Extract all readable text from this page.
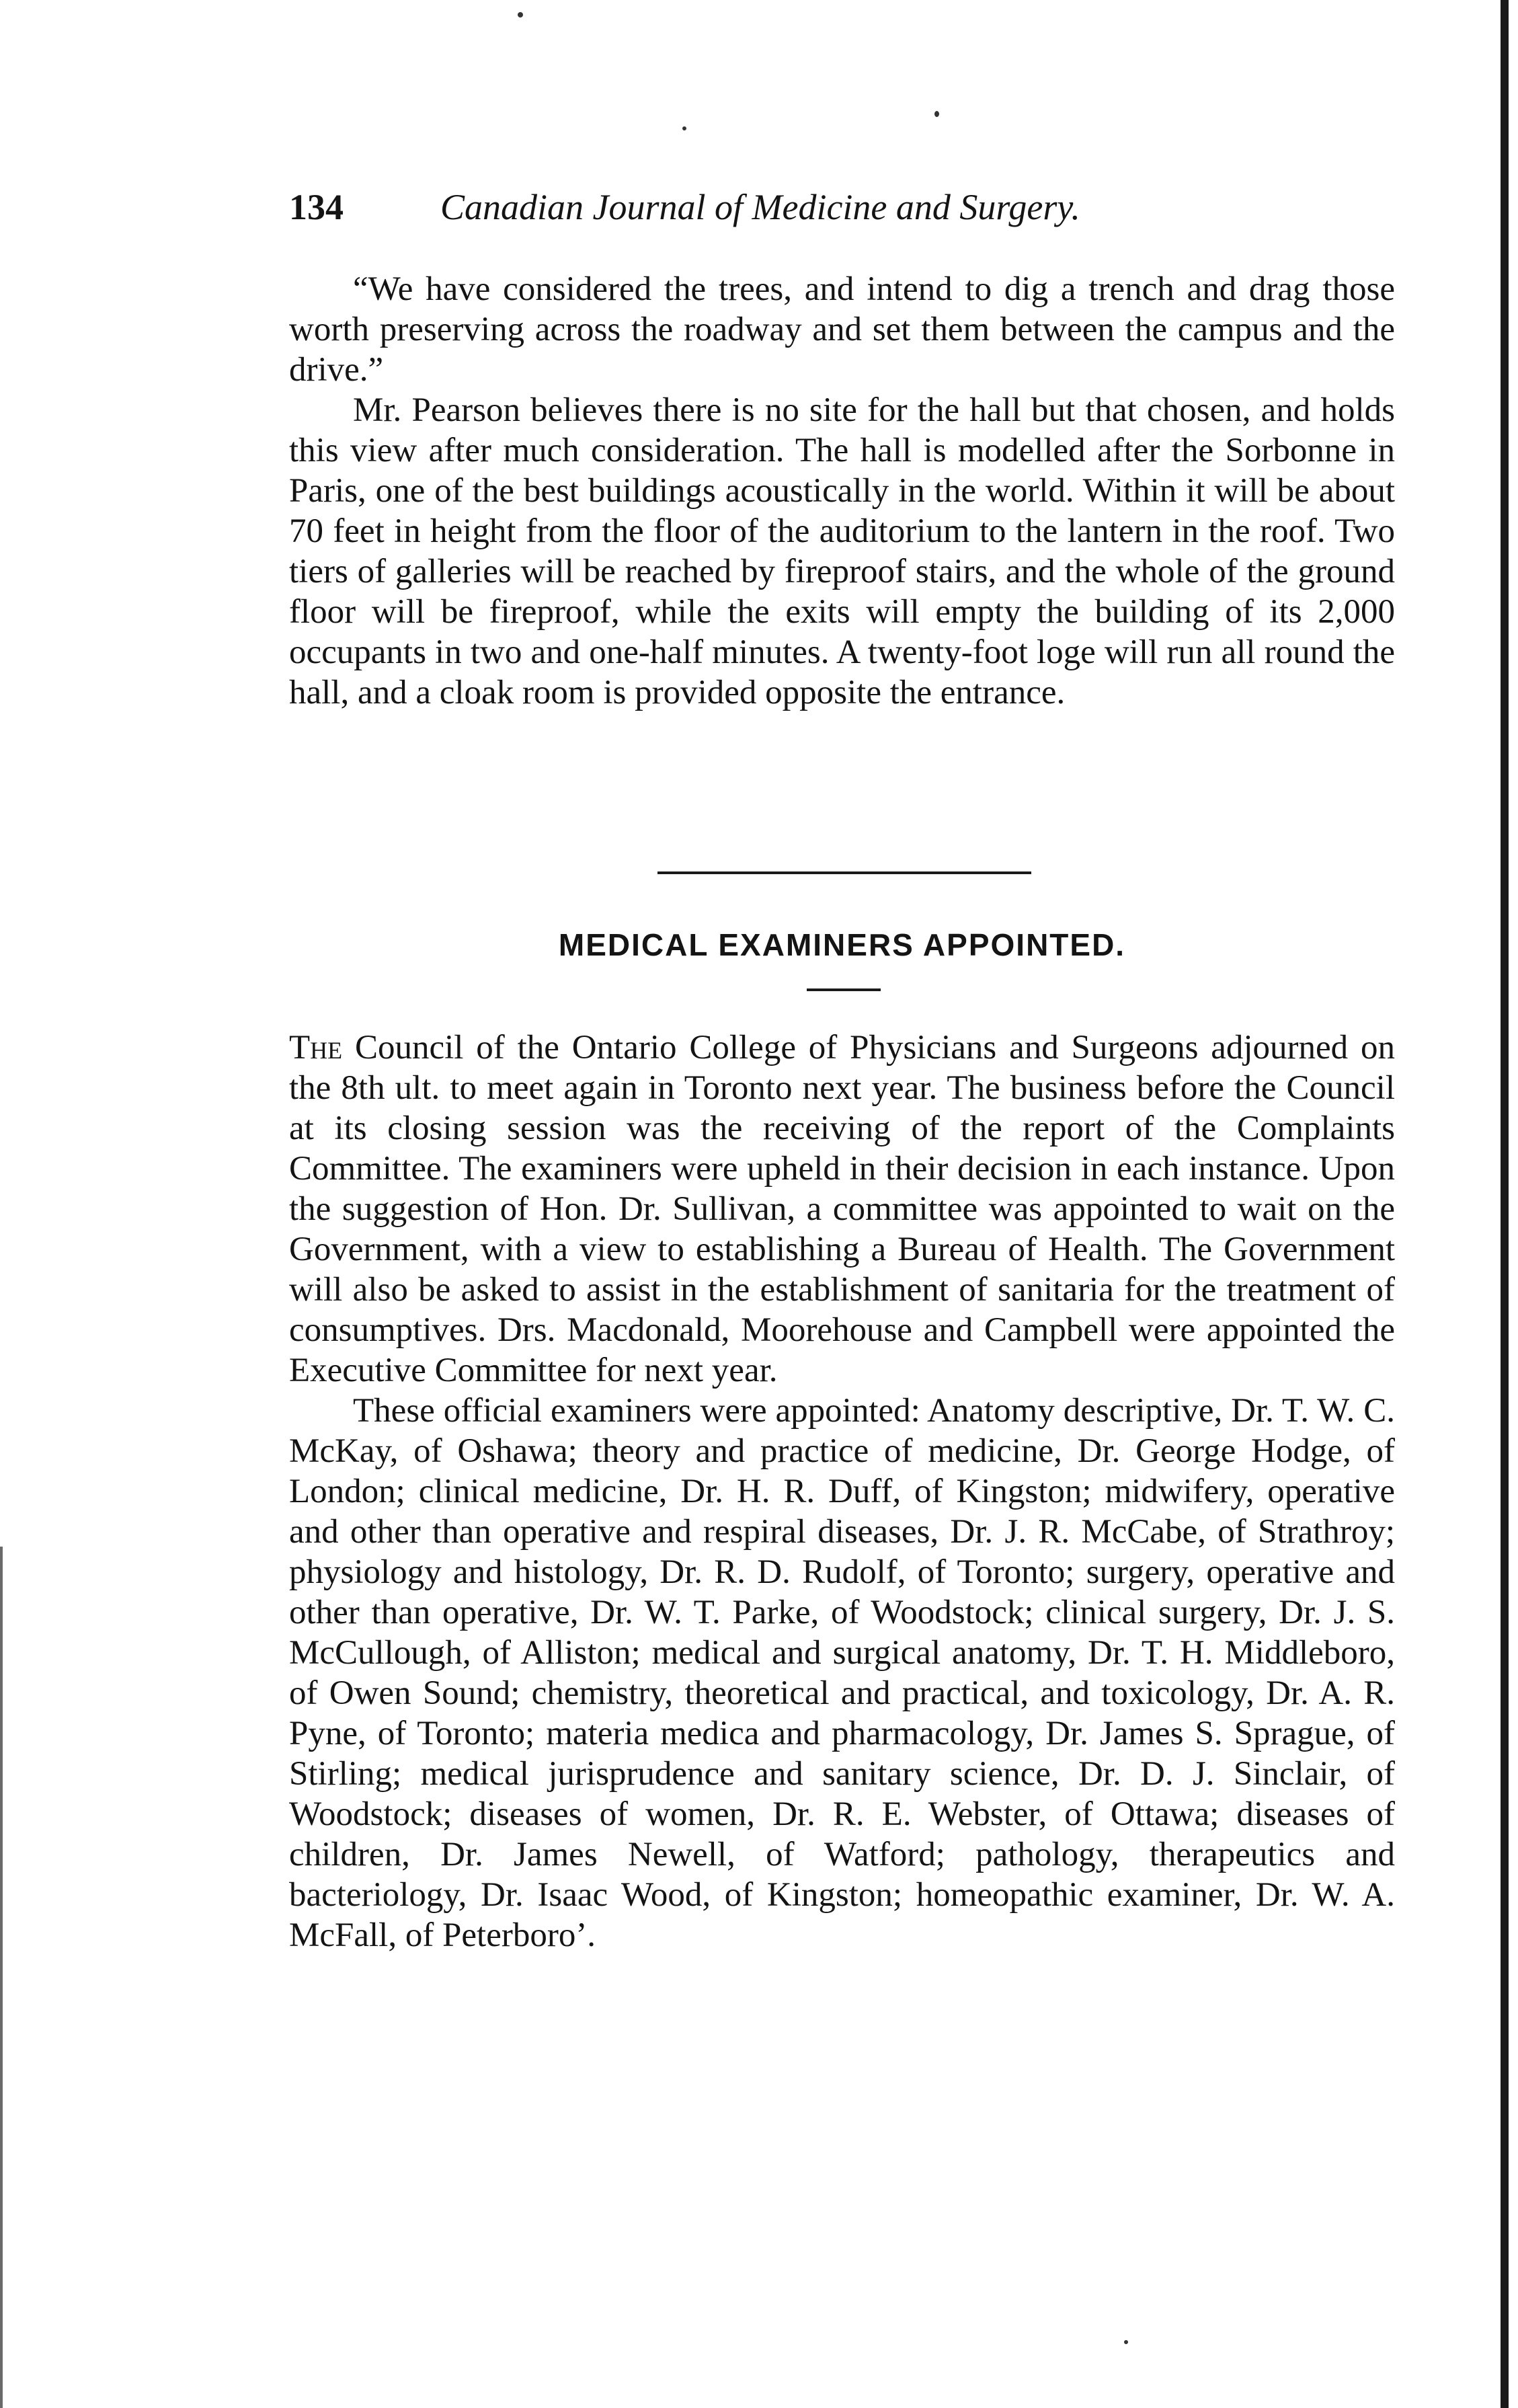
134	Canadian Journal of Medicine and Surgery.

“We have considered the trees, and intend to dig a trench and drag those worth preserving across the roadway and set them between the campus and the drive.”

Mr. Pearson believes there is no site for the hall but that chosen, and holds this view after much consideration. The hall is modelled after the Sorbonne in Paris, one of the best buildings acoustically in the world. Within it will be about 70 feet in height from the floor of the auditorium to the lantern in the roof. Two tiers of galleries will be reached by fireproof stairs, and the whole of the ground floor will be fireproof, while the exits will empty the building of its 2,000 occupants in two and one-half minutes. A twenty-foot loge will run all round the hall, and a cloak room is provided opposite the entrance.

MEDICAL EXAMINERS APPOINTED.

The Council of the Ontario College of Physicians and Surgeons adjourned on the 8th ult. to meet again in Toronto next year. The business before the Council at its closing session was the receiving of the report of the Complaints Committee. The examiners were upheld in their decision in each instance. Upon the suggestion of Hon. Dr. Sullivan, a committee was appointed to wait on the Government, with a view to establishing a Bureau of Health. The Government will also be asked to assist in the establishment of sanitaria for the treatment of consumptives. Drs. Macdonald, Moorehouse and Campbell were appointed the Executive Committee for next year.

These official examiners were appointed: Anatomy descriptive, Dr. T. W. C. McKay, of Oshawa; theory and practice of medicine, Dr. George Hodge, of London; clinical medicine, Dr. H. R. Duff, of Kingston; midwifery, operative and other than operative and respiral diseases, Dr. J. R. McCabe, of Strathroy; physiology and histology, Dr. R. D. Rudolf, of Toronto; surgery, operative and other than operative, Dr. W. T. Parke, of Woodstock; clinical surgery, Dr. J. S. McCullough, of Alliston; medical and surgical anatomy, Dr. T. H. Middleboro, of Owen Sound; chemistry, theoretical and practical, and toxicology, Dr. A. R. Pyne, of Toronto; materia medica and pharmacology, Dr. James S. Sprague, of Stirling; medical jurisprudence and sanitary science, Dr. D. J. Sinclair, of Woodstock; diseases of women, Dr. R. E. Webster, of Ottawa; diseases of children, Dr. James Newell, of Watford; pathology, therapeutics and bacteriology, Dr. Isaac Wood, of Kingston; homeopathic examiner, Dr. W. A. McFall, of Peterboro’.
